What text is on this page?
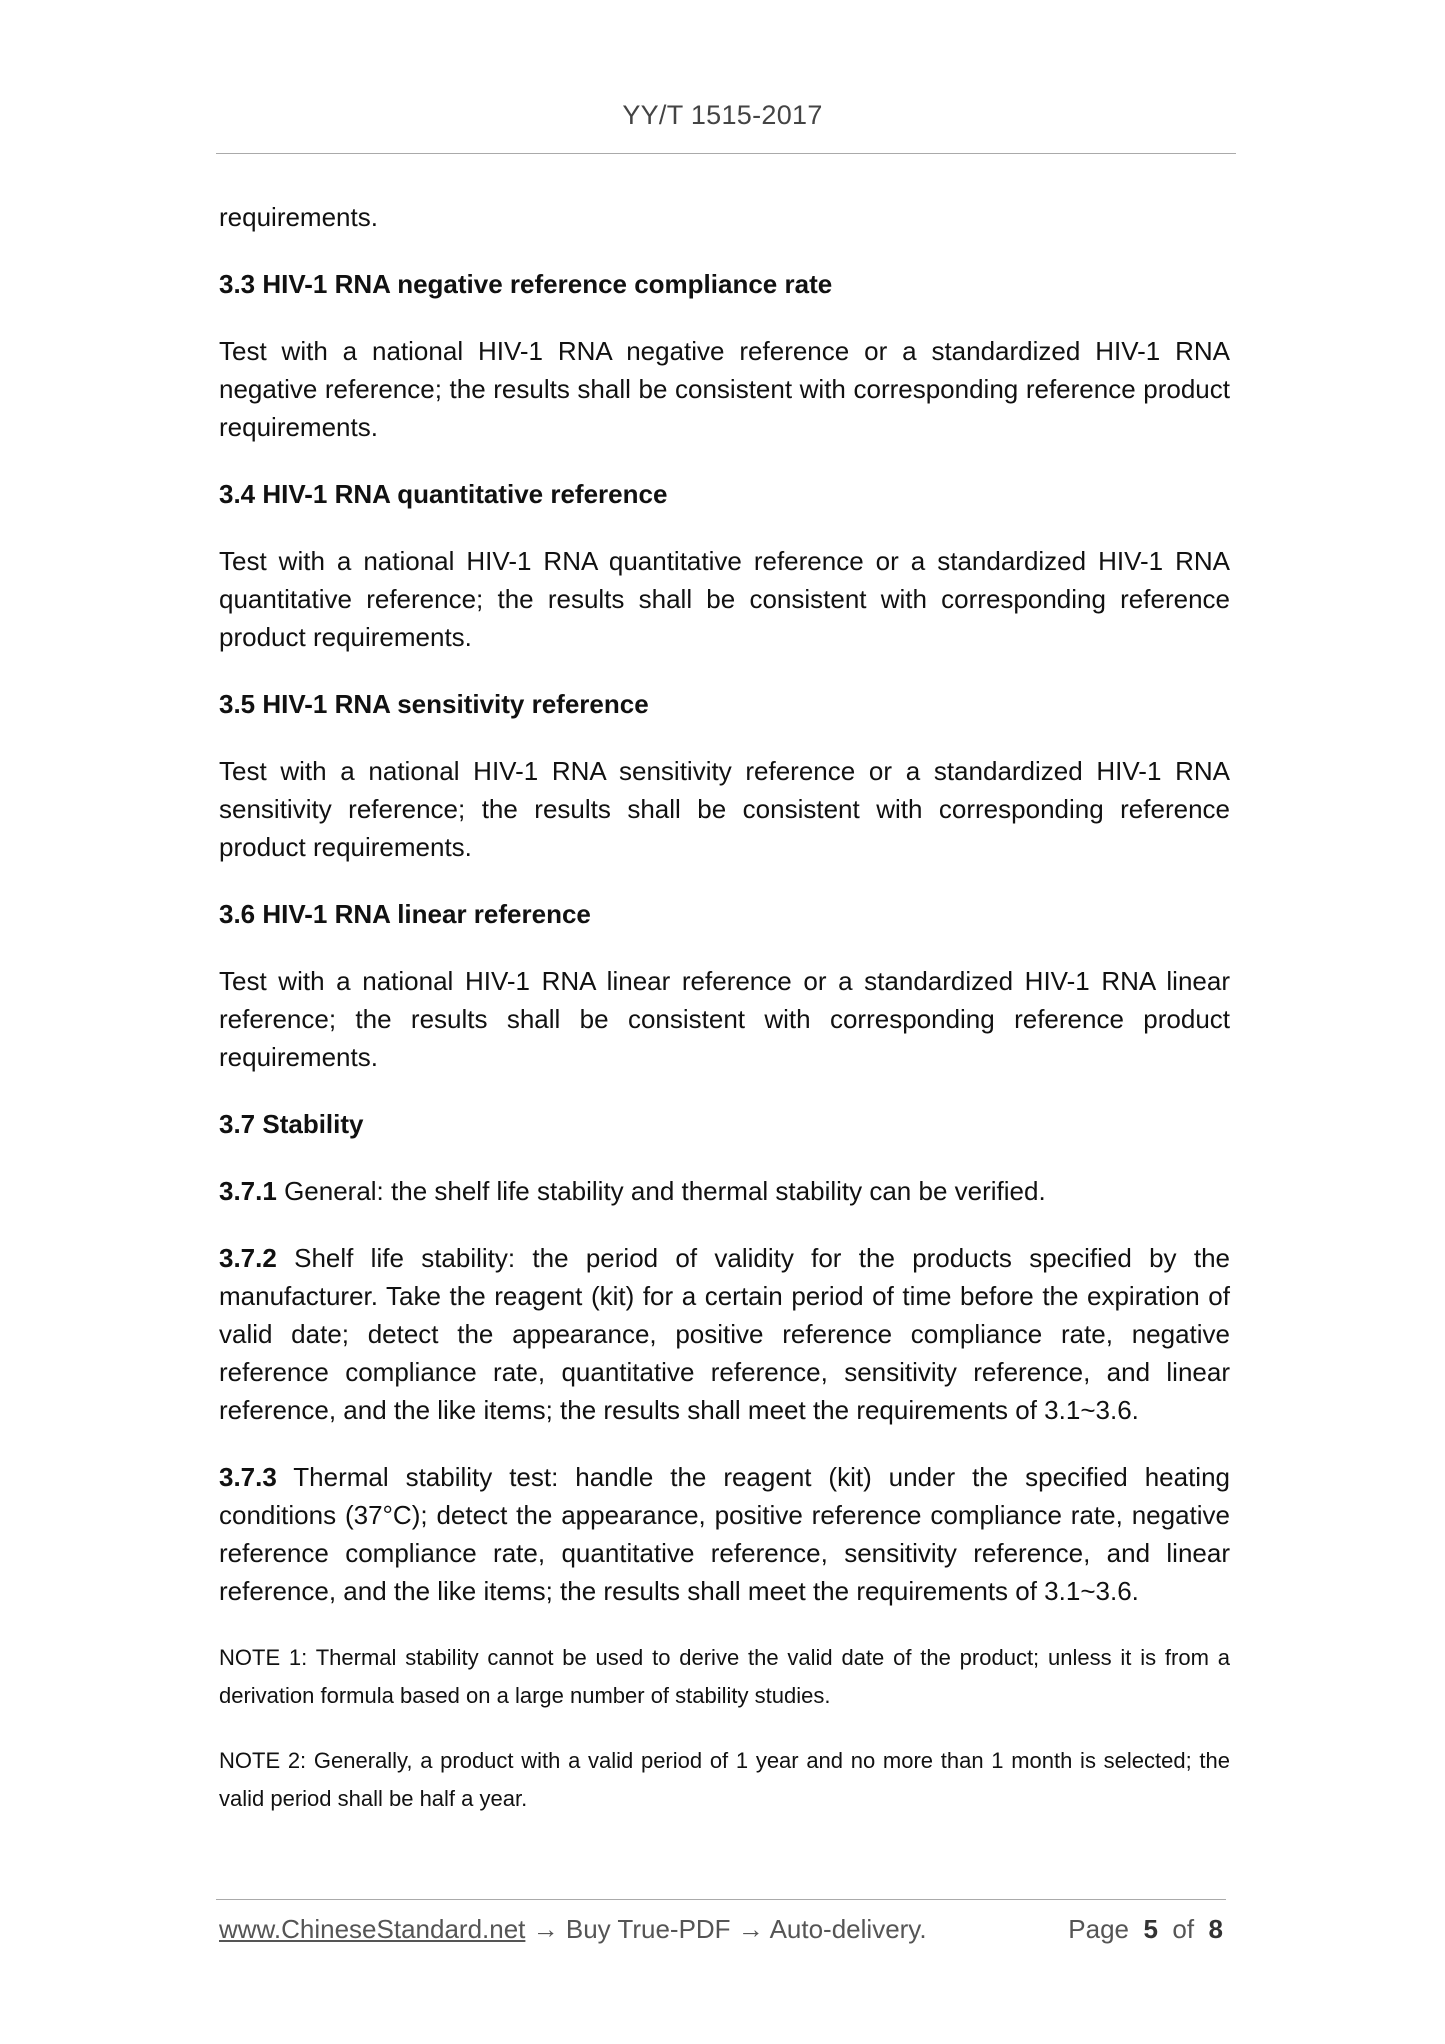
YY/T 1515-2017

requirements.

3.3 HIV-1 RNA negative reference compliance rate

Test with a national HIV-1 RNA negative reference or a standardized HIV-1 RNA negative reference; the results shall be consistent with corresponding reference product requirements.

3.4 HIV-1 RNA quantitative reference

Test with a national HIV-1 RNA quantitative reference or a standardized HIV-1 RNA quantitative reference; the results shall be consistent with corresponding reference product requirements.

3.5 HIV-1 RNA sensitivity reference

Test with a national HIV-1 RNA sensitivity reference or a standardized HIV-1 RNA sensitivity reference; the results shall be consistent with corresponding reference product requirements.

3.6 HIV-1 RNA linear reference

Test with a national HIV-1 RNA linear reference or a standardized HIV-1 RNA linear reference; the results shall be consistent with corresponding reference product requirements.

3.7 Stability

3.7.1 General: the shelf life stability and thermal stability can be verified.

3.7.2 Shelf life stability: the period of validity for the products specified by the manufacturer. Take the reagent (kit) for a certain period of time before the expiration of valid date; detect the appearance, positive reference compliance rate, negative reference compliance rate, quantitative reference, sensitivity reference, and linear reference, and the like items; the results shall meet the requirements of 3.1~3.6.

3.7.3 Thermal stability test: handle the reagent (kit) under the specified heating conditions (37°C); detect the appearance, positive reference compliance rate, negative reference compliance rate, quantitative reference, sensitivity reference, and linear reference, and the like items; the results shall meet the requirements of 3.1~3.6.

NOTE 1: Thermal stability cannot be used to derive the valid date of the product; unless it is from a derivation formula based on a large number of stability studies.

NOTE 2: Generally, a product with a valid period of 1 year and no more than 1 month is selected; the valid period shall be half a year.

www.ChineseStandard.net → Buy True-PDF → Auto-delivery.	Page 5 of 8
